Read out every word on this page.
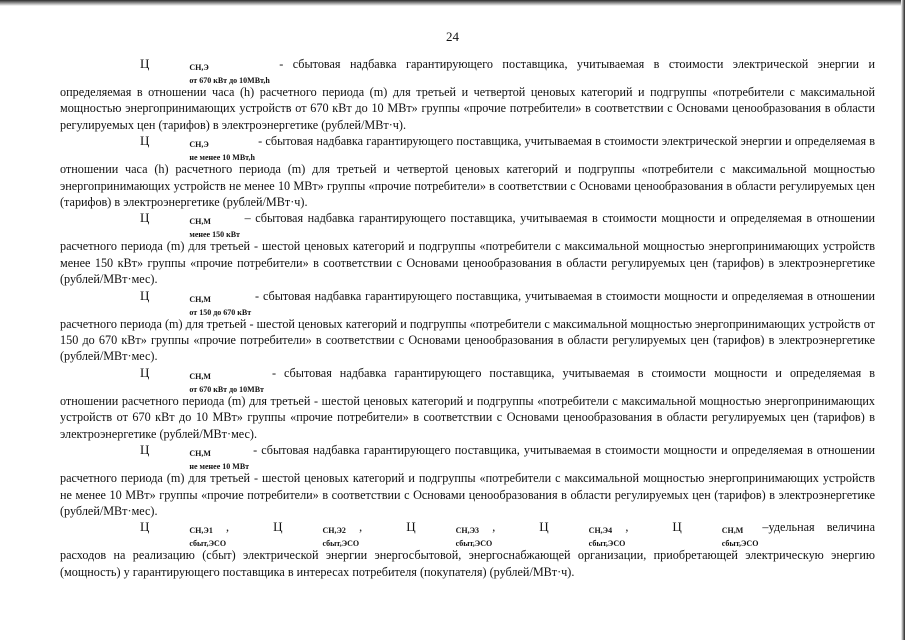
24

Ц	СН,Э
от 670 кВт до 10МВт,h
- сбытовая надбавка гарантирующего поставщика, учитываемая в стоимости электрической энергии и определяемая в отношении часа (h) расчетного периода (m) для третьей и четвертой ценовых категорий и подгруппы «потребители с максимальной мощностью энергопринимающих устройств от 670 кВт до 10 МВт» группы «прочие потребители» в соответствии с Основами ценообразования в области регулируемых цен (тарифов) в электроэнергетике (рублей/МВт·ч).

Ц	СН,Э
не менее 10 МВт,h
- сбытовая надбавка гарантирующего поставщика, учитываемая в стоимости электрической энергии и определяемая в отношении часа (h) расчетного периода (m) для третьей и четвертой ценовых категорий и подгруппы «потребители с максимальной мощностью энергопринимающих устройств не менее 10 МВт» группы «прочие потребители» в соответствии с Основами ценообразования в области регулируемых цен (тарифов) в электроэнергетике (рублей/МВт·ч).

Ц	СН,М
менее 150 кВт
– сбытовая надбавка гарантирующего поставщика, учитываемая в стоимости мощности и определяемая в отношении расчетного периода (m) для третьей - шестой ценовых категорий и подгруппы «потребители с максимальной мощностью энергопринимающих устройств менее 150 кВт» группы «прочие потребители» в соответствии с Основами ценообразования в области регулируемых цен (тарифов) в электроэнергетике (рублей/МВт·мес).

Ц	СН,М
от 150 до 670 кВт
- сбытовая надбавка гарантирующего поставщика, учитываемая в стоимости мощности и определяемая в отношении расчетного периода (m) для третьей - шестой ценовых категорий и подгруппы «потребители с максимальной мощностью энергопринимающих устройств от 150 до 670 кВт» группы «прочие потребители» в соответствии с Основами ценообразования в области регулируемых цен (тарифов) в электроэнергетике (рублей/МВт·мес).

Ц	СН,М
от 670 кВт до 10МВт
- сбытовая надбавка гарантирующего поставщика, учитываемая в стоимости мощности и определяемая в отношении расчетного периода (m) для третьей - шестой ценовых категорий и подгруппы «потребители с максимальной мощностью энергопринимающих устройств от 670 кВт до 10 МВт» группы «прочие потребители» в соответствии с Основами ценообразования в области регулируемых цен (тарифов) в электроэнергетике (рублей/МВт·мес).

Ц	СН,М
не менее 10 МВт
- сбытовая надбавка гарантирующего поставщика, учитываемая в стоимости мощности и определяемая в отношении расчетного периода (m) для третьей - шестой ценовых категорий и подгруппы «потребители с максимальной мощностью энергопринимающих устройств не менее 10 МВт» группы «прочие потребители» в соответствии с Основами ценообразования в области регулируемых цен (тарифов) в электроэнергетике (рублей/МВт·мес).

Ц	СН,Э1
сбыт,ЭСО
,	Ц	СН,Э2
сбыт,ЭСО
,	Ц	СН,Э3
сбыт,ЭСО
,	Ц	СН,Э4
сбыт,ЭСО
,	Ц	СН,М
сбыт,ЭСО
–удельная величина расходов на реализацию (сбыт) электрической энергии энергосбытовой, энергоснабжающей организации, приобретающей электрическую энергию (мощность) у гарантирующего поставщика в интересах потребителя (покупателя) (рублей/МВт·ч).
